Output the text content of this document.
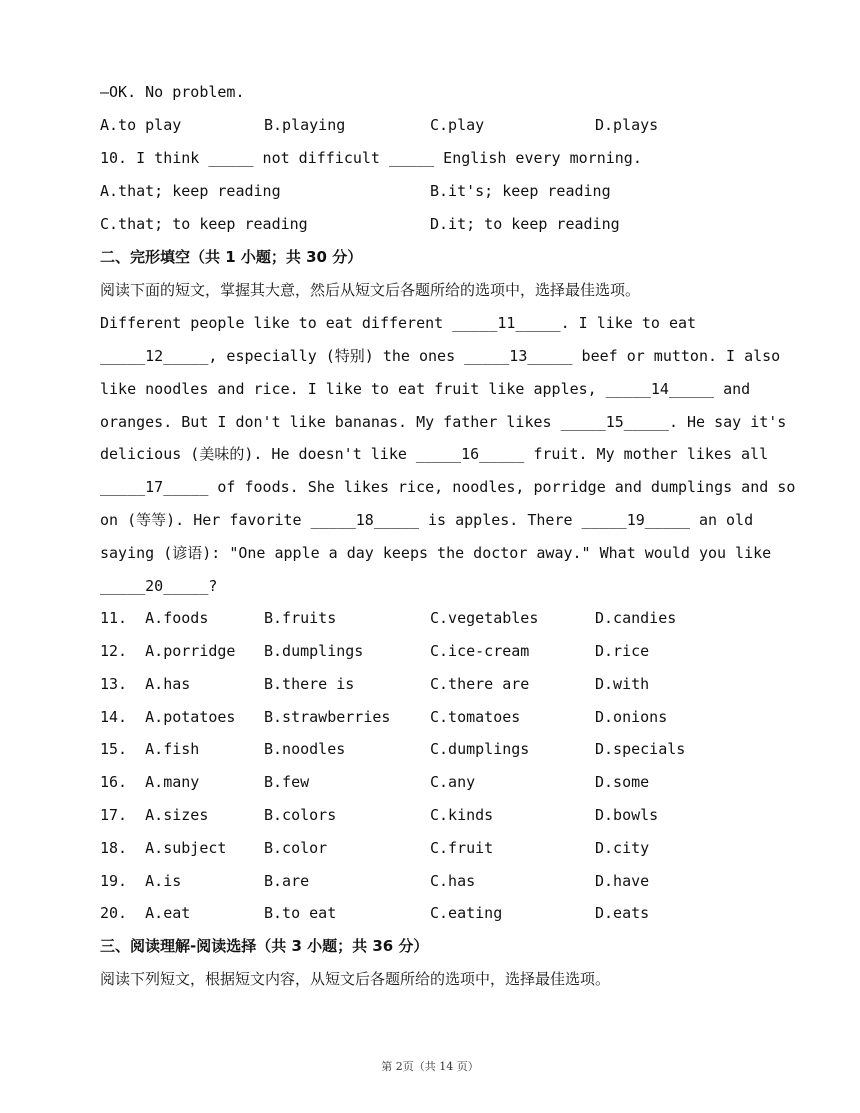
—OK. No problem.
A.to play	B.playing	C.play	D.plays
10. I think _____ not difficult _____ English every morning.
A.that; keep reading	B.it's; keep reading
C.that; to keep reading	D.it; to keep reading
二、完形填空（共 1 小题；共 30 分）
阅读下面的短文，掌握其大意，然后从短文后各题所给的选项中，选择最佳选项。
Different people like to eat different _____11_____. I like to eat
_____12_____, especially (特别) the ones _____13_____ beef or mutton. I also
like noodles and rice. I like to eat fruit like apples, _____14_____ and
oranges. But I don't like bananas. My father likes _____15_____. He say it's
delicious (美味的). He doesn't like _____16_____ fruit. My mother likes all
_____17_____ of foods. She likes rice, noodles, porridge and dumplings and so
on (等等). Her favorite _____18_____ is apples. There _____19_____ an old
saying (谚语): "One apple a day keeps the doctor away." What would you like
_____20_____?
11.  A.foods	B.fruits	C.vegetables	D.candies
12.  A.porridge B.dumplings	C.ice-cream	D.rice
13.  A.has	B.there is	C.there are	D.with
14.  A.potatoes B.strawberries	C.tomatoes	D.onions
15.  A.fish	B.noodles	C.dumplings	D.specials
16.  A.many	B.few	C.any	D.some
17.  A.sizes	B.colors	C.kinds	D.bowls
18.  A.subject	B.color	C.fruit	D.city
19.  A.is	B.are	C.has	D.have
20.  A.eat	B.to eat	C.eating	D.eats
三、阅读理解-阅读选择（共 3 小题；共 36 分）
阅读下列短文，根据短文内容，从短文后各题所给的选项中，选择最佳选项。
第 2页（共 14 页）
